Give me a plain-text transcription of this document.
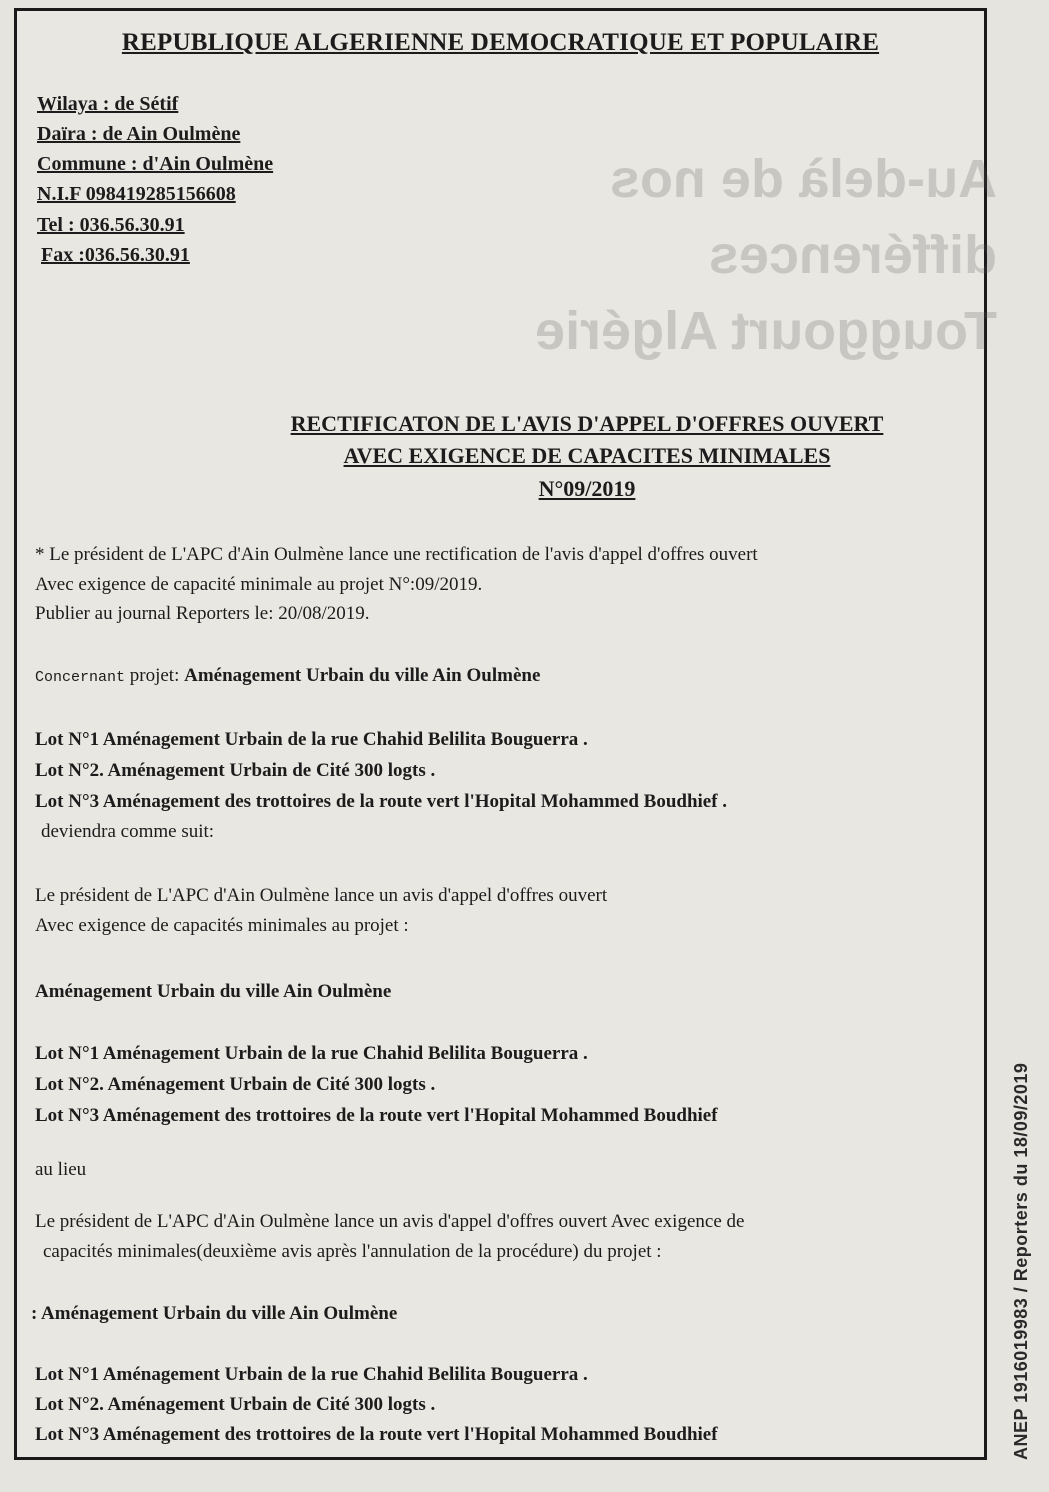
Au-delà de nos différences
Touggourt Algérie
REPUBLIQUE ALGERIENNE DEMOCRATIQUE ET POPULAIRE
Wilaya : de Sétif
Daïra : de Ain Oulmène
Commune : d'Ain Oulmène
N.I.F 098419285156608
Tel : 036.56.30.91
Fax :036.56.30.91
RECTIFICATON DE L'AVIS D'APPEL D'OFFRES OUVERT
AVEC EXIGENCE DE CAPACITES MINIMALES
N°09/2019
* Le président de L'APC d'Ain Oulmène lance une rectification de l'avis d'appel d'offres ouvert
Avec exigence de capacité minimale au projet N°:09/2019.
Publier au journal Reporters le: 20/08/2019.
Concernant projet: Aménagement Urbain du ville Ain Oulmène
Lot N°1 Aménagement Urbain de la rue Chahid Belilita Bouguerra .
Lot N°2. Aménagement Urbain de Cité 300 logts .
Lot N°3 Aménagement des trottoires de la route vert l'Hopital Mohammed Boudhief .
deviendra comme suit:
Le président de L'APC d'Ain Oulmène lance un avis d'appel d'offres ouvert
Avec exigence de capacités minimales au projet :
Aménagement Urbain du ville Ain Oulmène
Lot N°1 Aménagement Urbain de la rue Chahid Belilita Bouguerra .
Lot N°2. Aménagement Urbain de Cité 300 logts .
Lot N°3 Aménagement des trottoires de la route vert l'Hopital Mohammed Boudhief
au lieu
Le président de L'APC d'Ain Oulmène lance un avis d'appel d'offres ouvert Avec exigence de
capacités minimales(deuxième avis après l'annulation de la procédure) du projet :
: Aménagement Urbain du ville Ain Oulmène
Lot N°1 Aménagement Urbain de la rue Chahid Belilita Bouguerra .
Lot N°2. Aménagement Urbain de Cité 300 logts .
Lot N°3 Aménagement des trottoires de la route vert l'Hopital Mohammed Boudhief	ANEP 1916019983 / Reporters du 18/09/2019
